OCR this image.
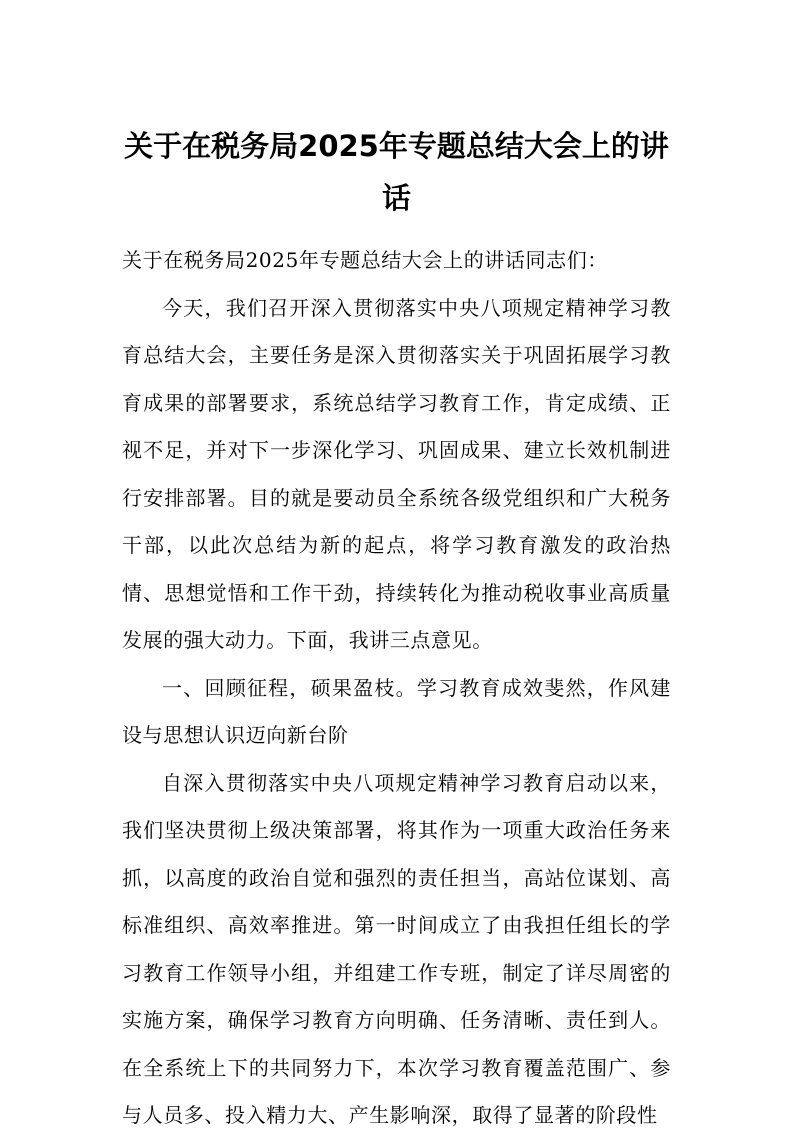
关于在税务局2025年专题总结大会上的讲话

关于在税务局2025年专题总结大会上的讲话同志们：

今天，我们召开深入贯彻落实中央八项规定精神学习教育总结大会，主要任务是深入贯彻落实关于巩固拓展学习教育成果的部署要求，系统总结学习教育工作，肯定成绩、正视不足，并对下一步深化学习、巩固成果、建立长效机制进行安排部署。目的就是要动员全系统各级党组织和广大税务干部，以此次总结为新的起点，将学习教育激发的政治热情、思想觉悟和工作干劲，持续转化为推动税收事业高质量发展的强大动力。下面，我讲三点意见。

一、回顾征程，硕果盈枝。学习教育成效斐然，作风建设与思想认识迈向新台阶

自深入贯彻落实中央八项规定精神学习教育启动以来，我们坚决贯彻上级决策部署，将其作为一项重大政治任务来抓，以高度的政治自觉和强烈的责任担当，高站位谋划、高标准组织、高效率推进。第一时间成立了由我担任组长的学习教育工作领导小组，并组建工作专班，制定了详尽周密的实施方案，确保学习教育方向明确、任务清晰、责任到人。在全系统上下的共同努力下，本次学习教育覆盖范围广、参与人员多、投入精力大、产生影响深，取得了显著的阶段性
